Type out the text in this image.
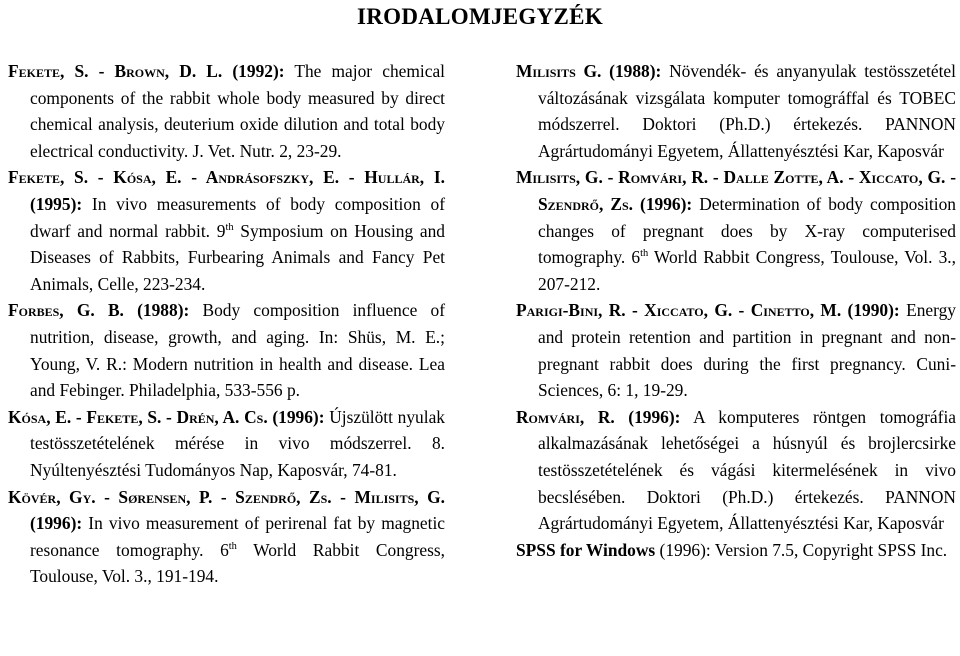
IRODALOMJEGYZÉK

Fekete, S. - Brown, D. L. (1992): The major chemical components of the rabbit whole body measured by direct chemical analysis, deuterium oxide dilution and total body electrical conductivity. J. Vet. Nutr. 2, 23-29.

Fekete, S. - Kósa, E. - Andrásofszky, E. - Hullár, I. (1995): In vivo measurements of body composition of dwarf and normal rabbit. 9th Symposium on Housing and Diseases of Rabbits, Furbearing Animals and Fancy Pet Animals, Celle, 223-234.

Forbes, G. B. (1988): Body composition influence of nutrition, disease, growth, and aging. In: Shüs, M. E.; Young, V. R.: Modern nutrition in health and disease. Lea and Febinger. Philadelphia, 533-556 p.

Kósa, E. - Fekete, S. - Drén, A. Cs. (1996): Újszülött nyulak testösszetételének mérése in vivo módszerrel. 8. Nyúltenyésztési Tudományos Nap, Kaposvár, 74-81.

Kövér, Gy. - Sørensen, P. - Szendrő, Zs. - Milisits, G. (1996): In vivo measurement of perirenal fat by magnetic resonance tomography. 6th World Rabbit Congress, Toulouse, Vol. 3., 191-194.

Milisits G. (1988): Növendék- és anyanyulak testösszetétel változásának vizsgálata komputer tomográffal és TOBEC módszerrel. Doktori (Ph.D.) értekezés. PANNON Agrártudományi Egyetem, Állattenyésztési Kar, Kaposvár

Milisits, G. - Romvári, R. - Dalle Zotte, A. - Xiccato, G. - Szendrő, Zs. (1996): Determination of body composition changes of pregnant does by X-ray computerised tomography. 6th World Rabbit Congress, Toulouse, Vol. 3., 207-212.

Parigi-Bini, R. - Xiccato, G. - Cinetto, M. (1990): Energy and protein retention and partition in pregnant and non-pregnant rabbit does during the first pregnancy. Cuni-Sciences, 6: 1, 19-29.

Romvári, R. (1996): A komputeres röntgen tomográfia alkalmazásának lehetőségei a húsnyúl és brojlercsirke testösszetételének és vágási kitermelésének in vivo becslésében. Doktori (Ph.D.) értekezés. PANNON Agrártudományi Egyetem, Állattenyésztési Kar, Kaposvár

SPSS for Windows (1996): Version 7.5, Copyright SPSS Inc.
